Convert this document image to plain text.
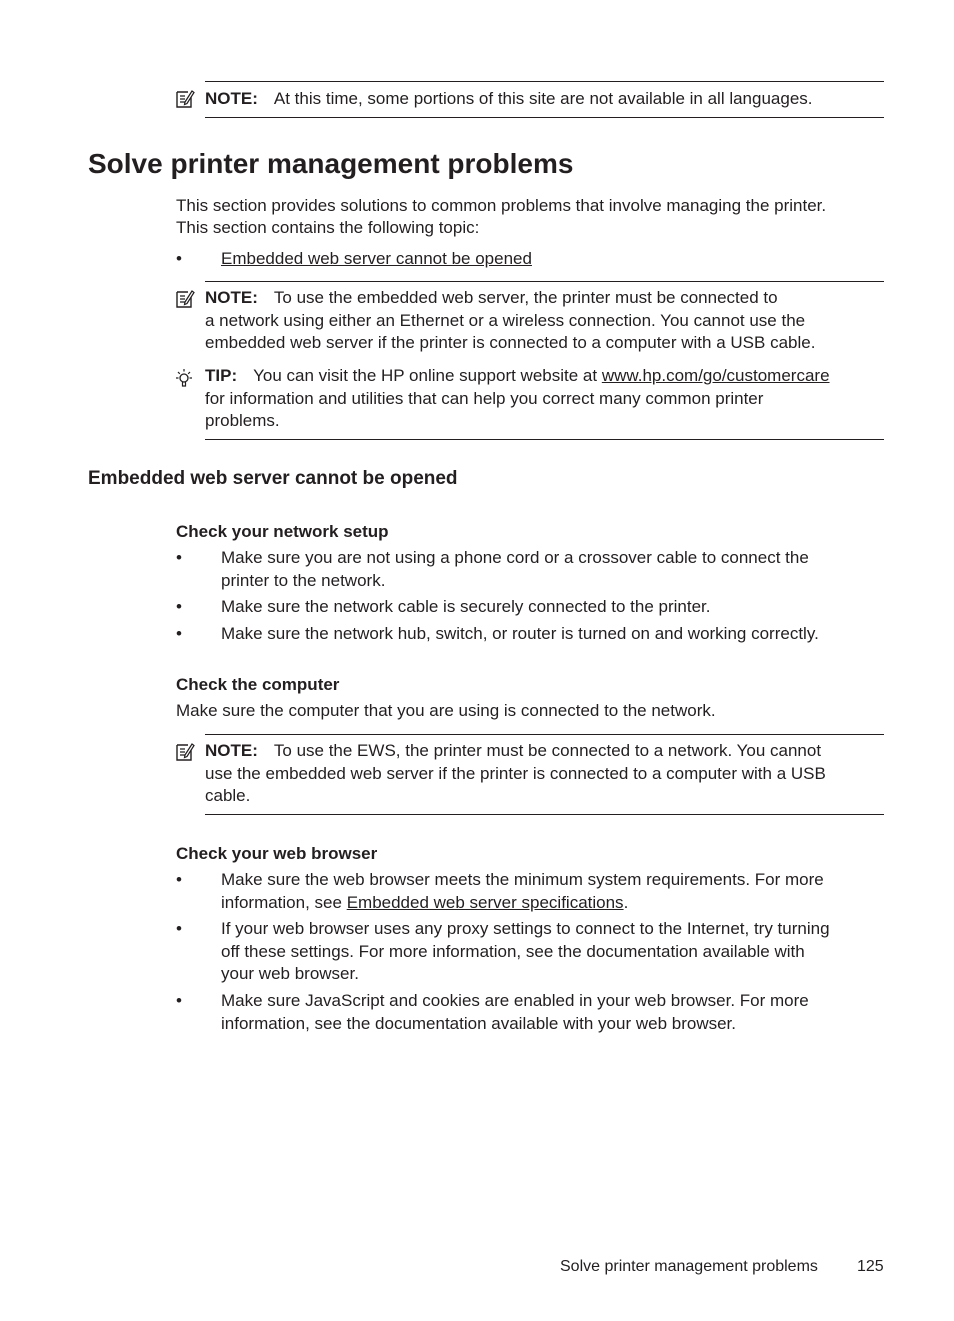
NOTE: At this time, some portions of this site are not available in all languages.
Solve printer management problems
This section provides solutions to common problems that involve managing the printer.
This section contains the following topic:
• Embedded web server cannot be opened
NOTE: To use the embedded web server, the printer must be connected to
a network using either an Ethernet or a wireless connection. You cannot use the
embedded web server if the printer is connected to a computer with a USB cable.
TIP: You can visit the HP online support website at www.hp.com/go/customercare
for information and utilities that can help you correct many common printer
problems.
Embedded web server cannot be opened
Check your network setup
• Make sure you are not using a phone cord or a crossover cable to connect the
printer to the network.
• Make sure the network cable is securely connected to the printer.
• Make sure the network hub, switch, or router is turned on and working correctly.
Check the computer
Make sure the computer that you are using is connected to the network.
NOTE: To use the EWS, the printer must be connected to a network. You cannot
use the embedded web server if the printer is connected to a computer with a USB
cable.
Check your web browser
• Make sure the web browser meets the minimum system requirements. For more
information, see Embedded web server specifications.
• If your web browser uses any proxy settings to connect to the Internet, try turning
off these settings. For more information, see the documentation available with
your web browser.
• Make sure JavaScript and cookies are enabled in your web browser. For more
information, see the documentation available with your web browser.
Solve printer management problems 125
